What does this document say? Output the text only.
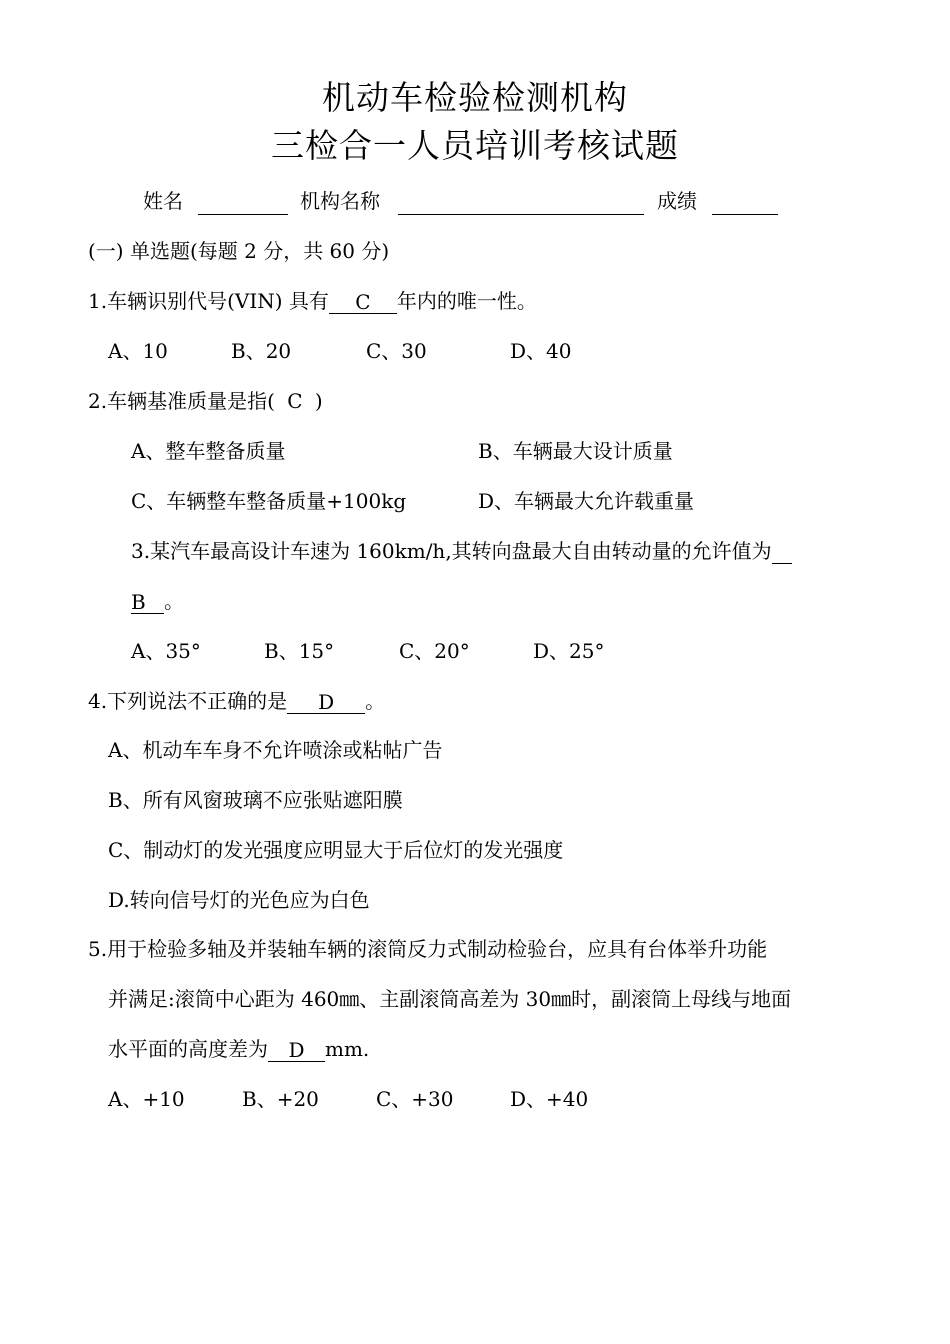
机动车检验检测机构
三检合一人员培训考核试题
姓名	机构名称	成绩
(一) 单选题(每题 2 分，共 60 分)
1.车辆识别代号(VIN) 具有 C 年内的唯一性。
A、10	B、20	C、30	D、40
2.车辆基准质量是指( C )
A、整车整备质量	B、车辆最大设计质量
C、车辆整车整备质量+100kg	D、车辆最大允许载重量
3.某汽车最高设计车速为 160km/h,其转向盘最大自由转动量的允许值为
B 。
A、35°	B、15°	C、20°	D、25°
4.下列说法不正确的是 D 。
A、机动车车身不允许喷涂或粘帖广告
B、所有风窗玻璃不应张贴遮阳膜
C、制动灯的发光强度应明显大于后位灯的发光强度
D.转向信号灯的光色应为白色
5.用于检验多轴及并装轴车辆的滚筒反力式制动检验台，应具有台体举升功能
并满足:滚筒中心距为 460㎜、主副滚筒高差为 30㎜时，副滚筒上母线与地面
水平面的高度差为 D mm.
A、+10	B、+20	C、+30	D、+40
